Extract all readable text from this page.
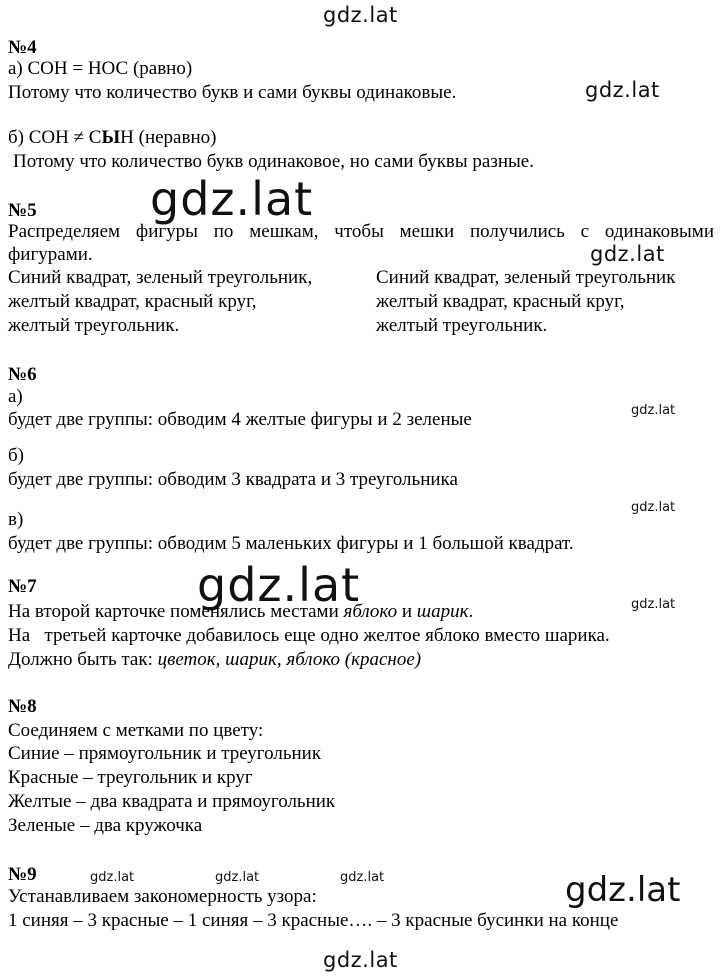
gdz.lat
gdz.lat
gdz.lat
gdz.lat
gdz.lat
gdz.lat
gdz.lat	gdz.lat
gdz.lat	gdz.lat	gdz.lat	gdz.lat
gdz.lat
№4
а) СОН = НОС (равно)
Потому что количество букв и сами буквы одинаковые.
б) СОН ≠ СЫН (неравно)
Потому что количество букв одинаковое, но сами буквы разные.
№5
Распределяем фигуры по мешкам, чтобы мешки получились с одинаковыми
фигурами.
Синий квадрат, зеленый треугольник,
желтый квадрат, красный круг,
желтый треугольник.
Синий квадрат, зеленый треугольник
желтый квадрат, красный круг,
желтый треугольник.
№6
а)
будет две группы: обводим 4 желтые фигуры и 2 зеленые
б)
будет две группы: обводим 3 квадрата и 3 треугольника
в)
будет две группы: обводим 5 маленьких фигуры и 1 большой квадрат.
№7
На второй карточке поменялись местами яблоко и шарик.
На   третьей карточке добавилось еще одно желтое яблоко вместо шарика.
Должно быть так: цветок, шарик, яблоко (красное)
№8
Соединяем с метками по цвету:
Синие – прямоугольник и треугольник
Красные – треугольник и круг
Желтые – два квадрата и прямоугольник
Зеленые – два кружочка
№9
Устанавливаем закономерность узора:
1 синяя – 3 красные – 1 синяя – 3 красные…. – 3 красные бусинки на конце
